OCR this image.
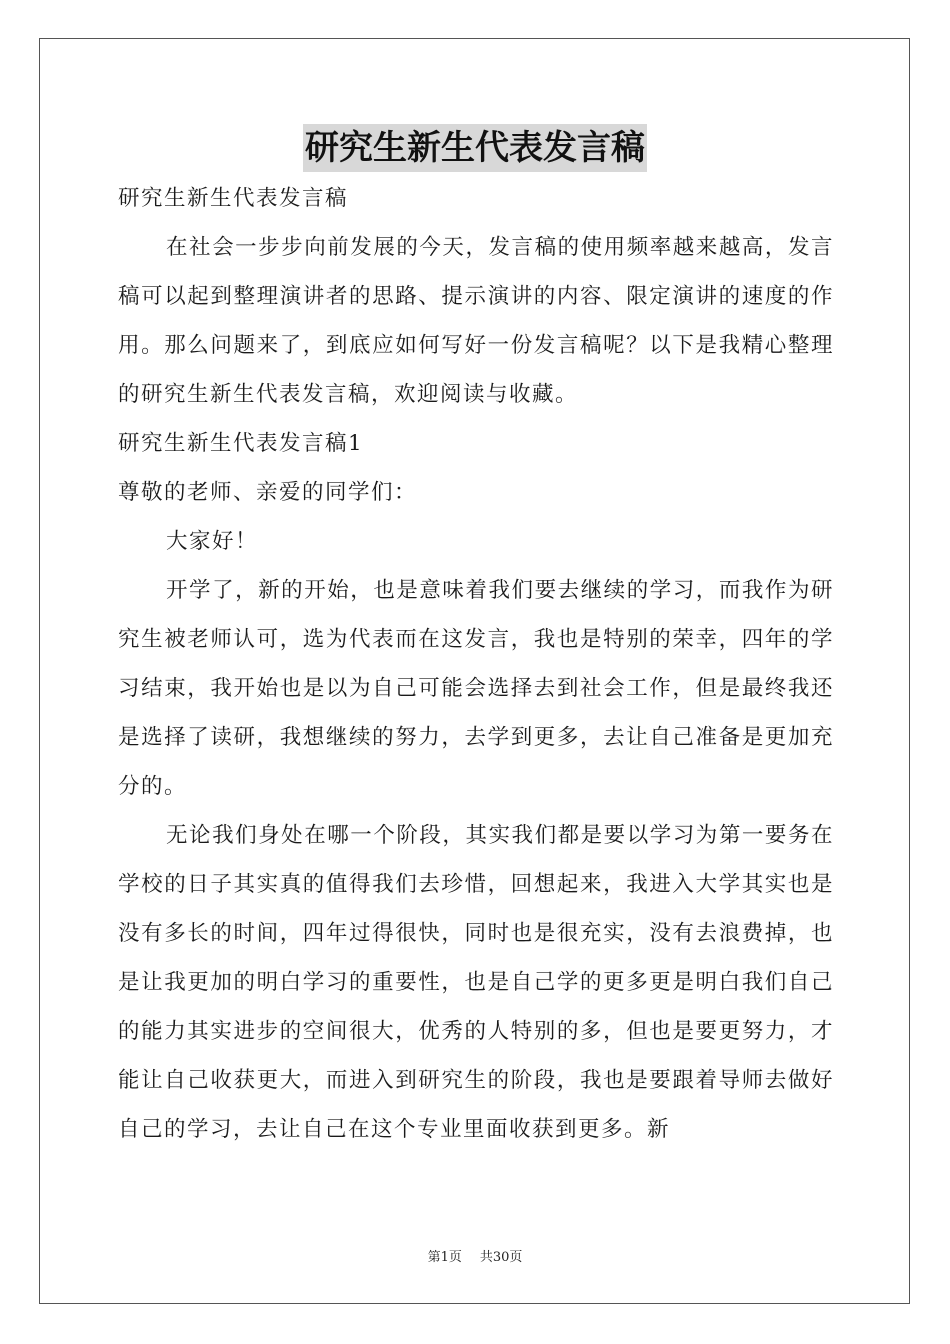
研究生新生代表发言稿

研究生新生代表发言稿

在社会一步步向前发展的今天，发言稿的使用频率越来越高，发言稿可以起到整理演讲者的思路、提示演讲的内容、限定演讲的速度的作用。那么问题来了，到底应如何写好一份发言稿呢？以下是我精心整理的研究生新生代表发言稿，欢迎阅读与收藏。

研究生新生代表发言稿1

尊敬的老师、亲爱的同学们：

大家好！

开学了，新的开始，也是意味着我们要去继续的学习，而我作为研究生被老师认可，选为代表而在这发言，我也是特别的荣幸，四年的学习结束，我开始也是以为自己可能会选择去到社会工作，但是最终我还是选择了读研，我想继续的努力，去学到更多，去让自己准备是更加充分的。

无论我们身处在哪一个阶段，其实我们都是要以学习为第一要务在学校的日子其实真的值得我们去珍惜，回想起来，我进入大学其实也是没有多长的时间，四年过得很快，同时也是很充实，没有去浪费掉，也是让我更加的明白学习的重要性，也是自己学的更多更是明白我们自己的能力其实进步的空间很大，优秀的人特别的多，但也是要更努力，才能让自己收获更大，而进入到研究生的阶段，我也是要跟着导师去做好自己的学习，去让自己在这个专业里面收获到更多。新

第1页 共30页
